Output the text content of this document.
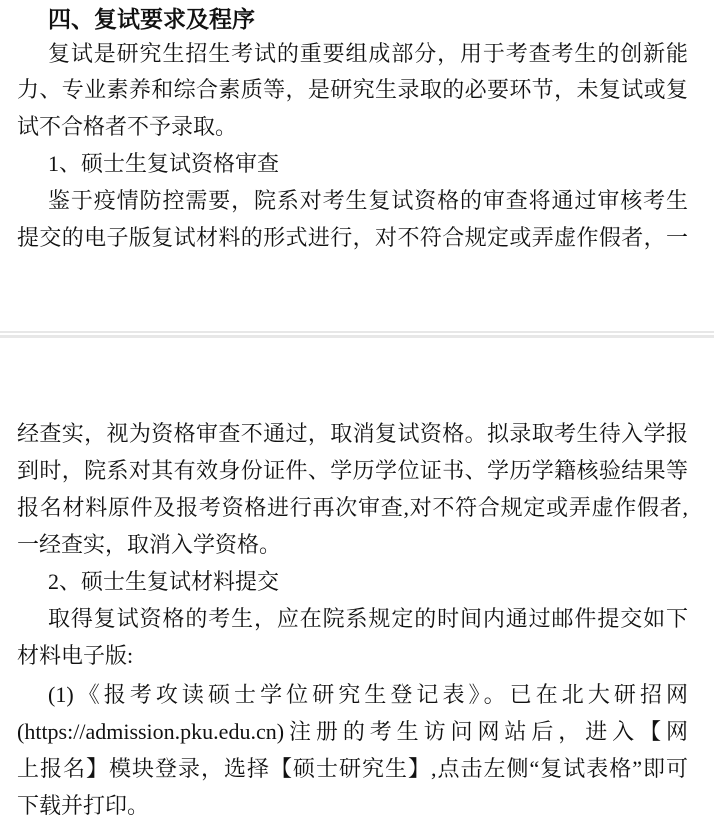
四、复试要求及程序
复试是研究生招生考试的重要组成部分，用于考查考生的创新能
力、专业素养和综合素质等，是研究生录取的必要环节，未复试或复
试不合格者不予录取。
1、硕士生复试资格审查
鉴于疫情防控需要，院系对考生复试资格的审查将通过审核考生
提交的电子版复试材料的形式进行，对不符合规定或弄虚作假者，一
经查实，视为资格审查不通过，取消复试资格。拟录取考生待入学报
到时，院系对其有效身份证件、学历学位证书、学历学籍核验结果等
报名材料原件及报考资格进行再次审查,对不符合规定或弄虚作假者,
一经查实，取消入学资格。
2、硕士生复试材料提交
取得复试资格的考生，应在院系规定的时间内通过邮件提交如下
材料电子版:
(1)《报考攻读硕士学位研究生登记表》。已在北大研招网
(https://admission.pku.edu.cn)注册的考生访问网站后，进入【网
上报名】模块登录，选择【硕士研究生】,点击左侧“复试表格”即可
下载并打印。
